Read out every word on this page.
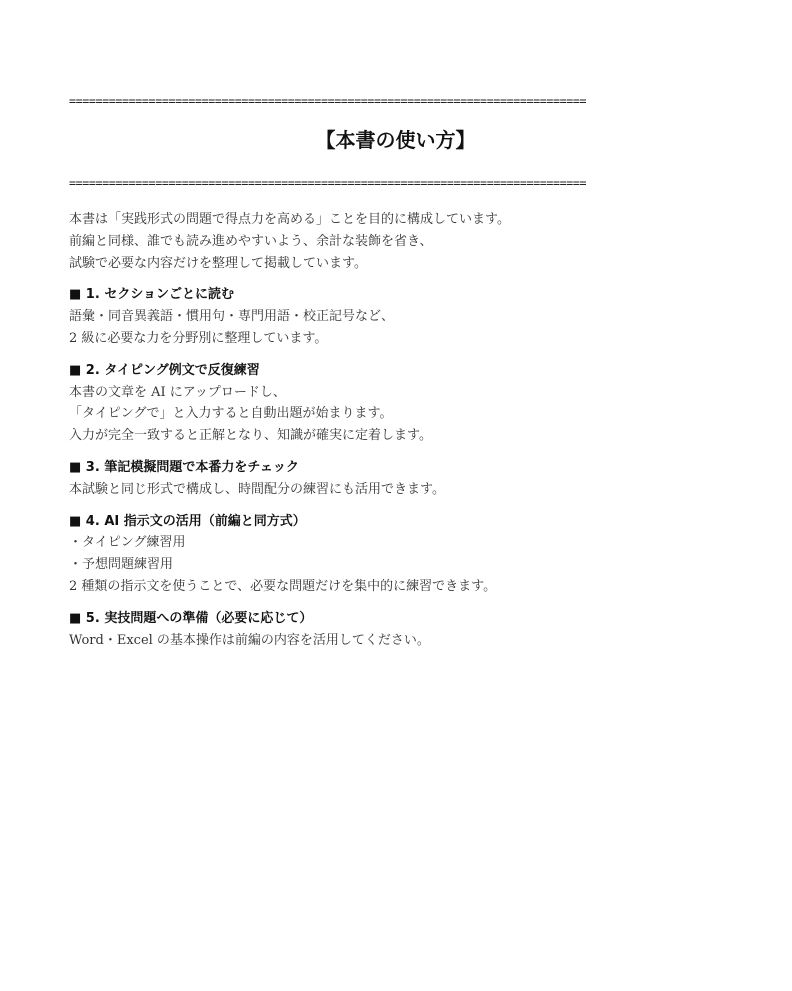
==============================================================================
【本書の使い方】
==============================================================================
本書は「実践形式の問題で得点力を高める」ことを目的に構成しています。
前編と同様、誰でも読み進めやすいよう、余計な装飾を省き、
試験で必要な内容だけを整理して掲載しています。
■ 1. セクションごとに読む
語彙・同音異義語・慣用句・専門用語・校正記号など、
2 級に必要な力を分野別に整理しています。
■ 2. タイピング例文で反復練習
本書の文章を AI にアップロードし、
「タイピングで」と入力すると自動出題が始まります。
入力が完全一致すると正解となり、知識が確実に定着します。
■ 3. 筆記模擬問題で本番力をチェック
本試験と同じ形式で構成し、時間配分の練習にも活用できます。
■ 4. AI 指示文の活用（前編と同方式）
・タイピング練習用
・予想問題練習用
2 種類の指示文を使うことで、必要な問題だけを集中的に練習できます。
■ 5. 実技問題への準備（必要に応じて）
Word・Excel の基本操作は前編の内容を活用してください。
